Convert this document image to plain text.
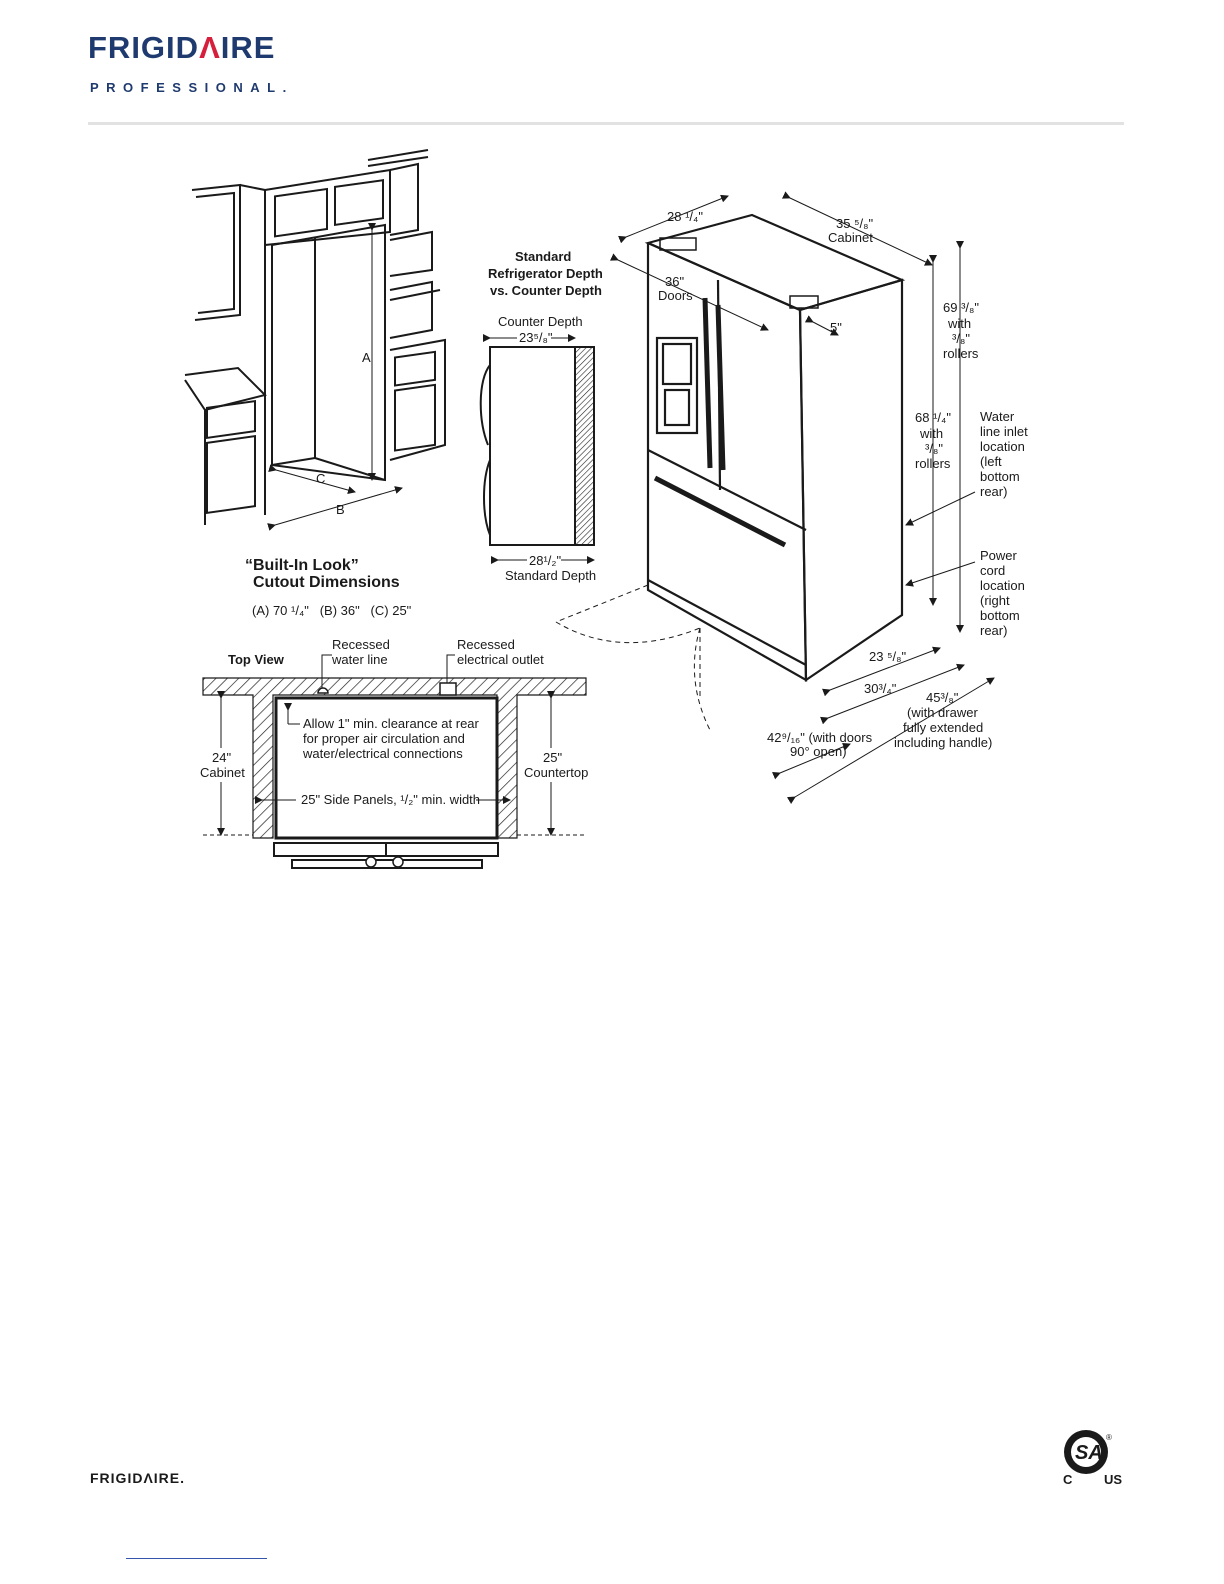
FRIGIDΛIRE
PROFESSIONAL.
A
C
B
“Built-In Look”
Cutout Dimensions
(A) 70 ¹/₄"   (B) 36"   (C) 25"
Standard
Refrigerator Depth
vs. Counter Depth
Counter Depth
23⁵/₈"
28¹/₂"
Standard Depth
28 ¹/₄"	35 ⁵/₈"
Cabinet
36"
Doors
5"
69 ³/₈"
with
³/₈"
rollers
68 ¹/₄"
with
³/₈"
rollers
Water
line inlet
location
(left
bottom
rear)
Power
cord
location
(right
bottom
rear)
23 ⁵/₈"
30³/₄"
45³/₈"
(with drawer
fully extended
including handle)
42⁹/₁₆" (with doors
90° open)
Top View
Recessed
water line
Recessed
electrical outlet
Allow 1" min. clearance at rear
for proper air circulation and
water/electrical connections
24"
Cabinet
25"
Countertop
25" Side Panels, ¹/₂" min. width
FRIGIDΛIRE.
SA
®
C US
